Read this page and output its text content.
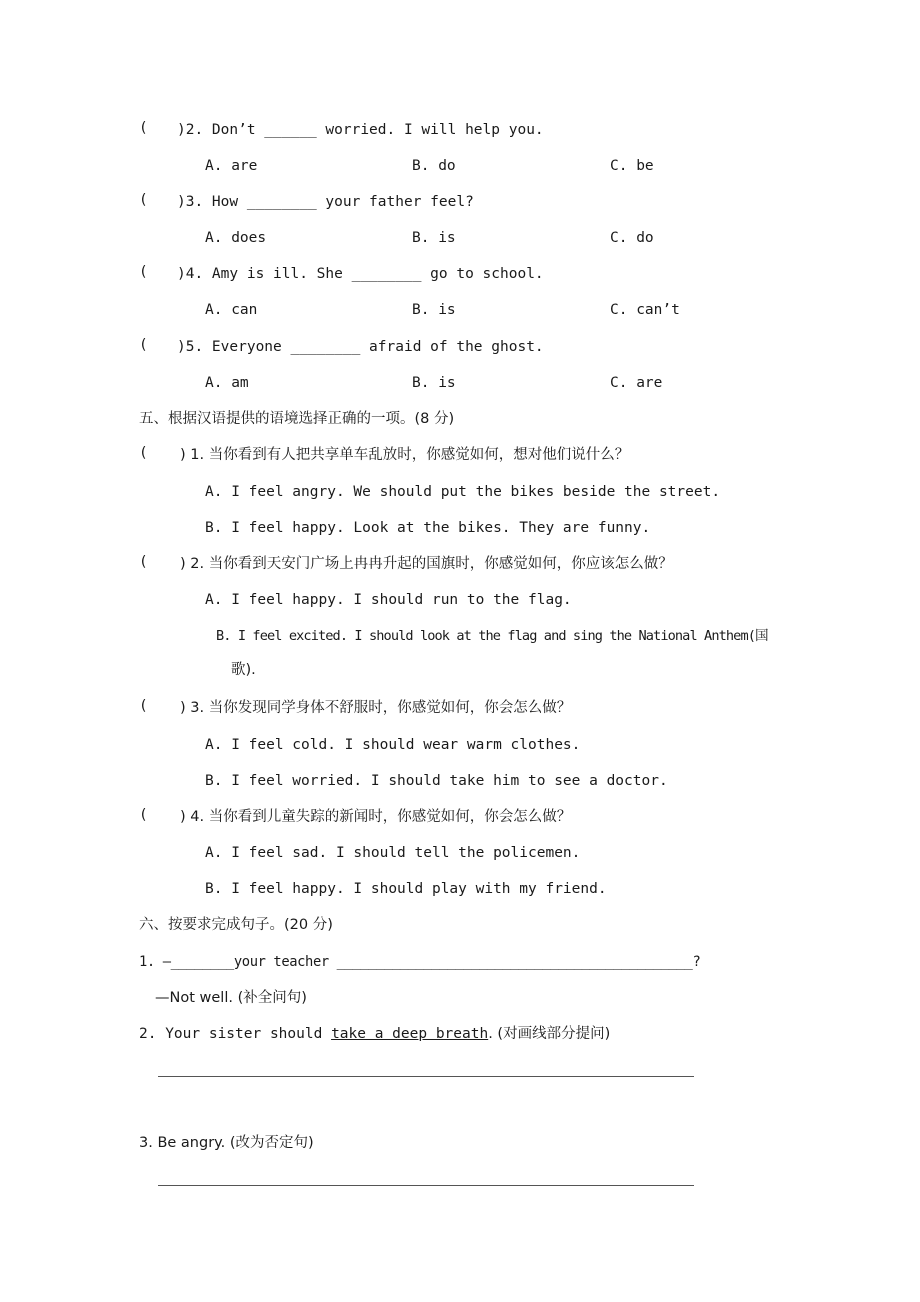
( )2. Don’t ______ worried. I will help you.
A. are	B. do	C. be
( )3. How ________ your father feel?
A. does	B. is	C. do
( )4. Amy is ill. She ________ go to school.
A. can	B. is	C. can’t
( )5. Everyone ________ afraid of the ghost.
A. am	B. is	C. are
五、根据汉语提供的语境选择正确的一项。(8 分)
( ) 1. 当你看到有人把共享单车乱放时，你感觉如何，想对他们说什么？
A. I feel angry. We should put the bikes beside the street.
B. I feel happy. Look at the bikes. They are funny.
( ) 2. 当你看到天安门广场上冉冉升起的国旗时，你感觉如何，你应该怎么做？
A. I feel happy. I should run to the flag.
B. I feel excited. I should look at the flag and sing the National Anthem(国
歌).
( ) 3. 当你发现同学身体不舒服时，你感觉如何，你会怎么做？
A. I feel cold. I should wear warm clothes.
B. I feel worried. I should take him to see a doctor.
( ) 4. 当你看到儿童失踪的新闻时，你感觉如何，你会怎么做？
A. I feel sad. I should tell the policemen.
B. I feel happy. I should play with my friend.
六、按要求完成句子。(20 分)
1. —________your teacher _____________________________________________?
—Not well. (补全问句)
2. Your sister should take a deep breath. (对画线部分提问)
3. Be angry. (改为否定句)
